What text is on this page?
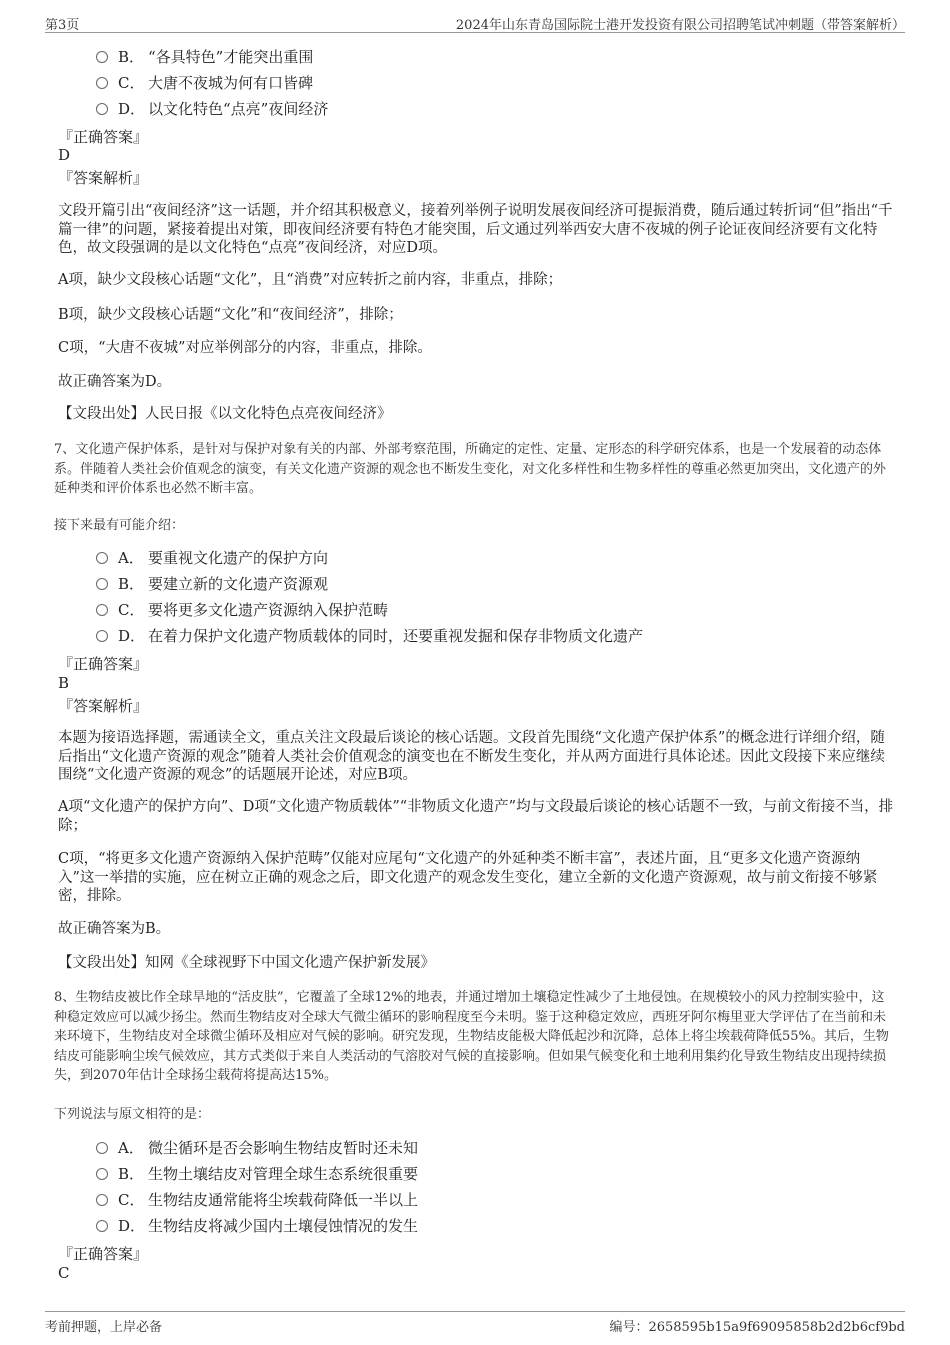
第3页	2024年山东青岛国际院士港开发投资有限公司招聘笔试冲刺题（带答案解析）
B． “各具特色”才能突出重围
C． 大唐不夜城为何有口皆碑
D． 以文化特色“点亮”夜间经济
『正确答案』
D
『答案解析』
文段开篇引出“夜间经济”这一话题，并介绍其积极意义，接着列举例子说明发展夜间经济可提振消费，随后通过转折词“但”指出“千篇一律”的问题，紧接着提出对策，即夜间经济要有特色才能突围，后文通过列举西安大唐不夜城的例子论证夜间经济要有文化特色，故文段强调的是以文化特色“点亮”夜间经济，对应D项。
A项，缺少文段核心话题“文化”，且“消费”对应转折之前内容，非重点，排除；
B项，缺少文段核心话题“文化”和“夜间经济”，排除；
C项，“大唐不夜城”对应举例部分的内容，非重点，排除。
故正确答案为D。
【文段出处】人民日报《以文化特色点亮夜间经济》
7、文化遗产保护体系，是针对与保护对象有关的内部、外部考察范围，所确定的定性、定量、定形态的科学研究体系，也是一个发展着的动态体系。伴随着人类社会价值观念的演变，有关文化遗产资源的观念也不断发生变化，对文化多样性和生物多样性的尊重必然更加突出，文化遗产的外延种类和评价体系也必然不断丰富。
接下来最有可能介绍：
A． 要重视文化遗产的保护方向
B． 要建立新的文化遗产资源观
C． 要将更多文化遗产资源纳入保护范畴
D． 在着力保护文化遗产物质载体的同时，还要重视发掘和保存非物质文化遗产
『正确答案』
B
『答案解析』
本题为接语选择题，需通读全文，重点关注文段最后谈论的核心话题。文段首先围绕“文化遗产保护体系”的概念进行详细介绍，随后指出“文化遗产资源的观念”随着人类社会价值观念的演变也在不断发生变化，并从两方面进行具体论述。因此文段接下来应继续围绕“文化遗产资源的观念”的话题展开论述，对应B项。
A项“文化遗产的保护方向”、D项“文化遗产物质载体”“非物质文化遗产”均与文段最后谈论的核心话题不一致，与前文衔接不当，排除；
C项，“将更多文化遗产资源纳入保护范畴”仅能对应尾句“文化遗产的外延种类不断丰富”，表述片面，且“更多文化遗产资源纳入”这一举措的实施，应在树立正确的观念之后，即文化遗产的观念发生变化，建立全新的文化遗产资源观，故与前文衔接不够紧密，排除。
故正确答案为B。
【文段出处】知网《全球视野下中国文化遗产保护新发展》
8、生物结皮被比作全球旱地的“活皮肤”，它覆盖了全球12%的地表，并通过增加土壤稳定性减少了土地侵蚀。在规模较小的风力控制实验中，这种稳定效应可以减少扬尘。然而生物结皮对全球大气微尘循环的影响程度至今未明。鉴于这种稳定效应，西班牙阿尔梅里亚大学评估了在当前和未来环境下，生物结皮对全球微尘循环及相应对气候的影响。研究发现，生物结皮能极大降低起沙和沉降，总体上将尘埃载荷降低55%。其后，生物结皮可能影响尘埃气候效应，其方式类似于来自人类活动的气溶胶对气候的直接影响。但如果气候变化和土地利用集约化导致生物结皮出现持续损失，到2070年估计全球扬尘载荷将提高达15%。
下列说法与原文相符的是：
A． 微尘循环是否会影响生物结皮暂时还未知
B． 生物土壤结皮对管理全球生态系统很重要
C． 生物结皮通常能将尘埃载荷降低一半以上
D． 生物结皮将减少国内土壤侵蚀情况的发生
『正确答案』
C
考前押题，上岸必备	编号：2658595b15a9f69095858b2d2b6cf9bd
